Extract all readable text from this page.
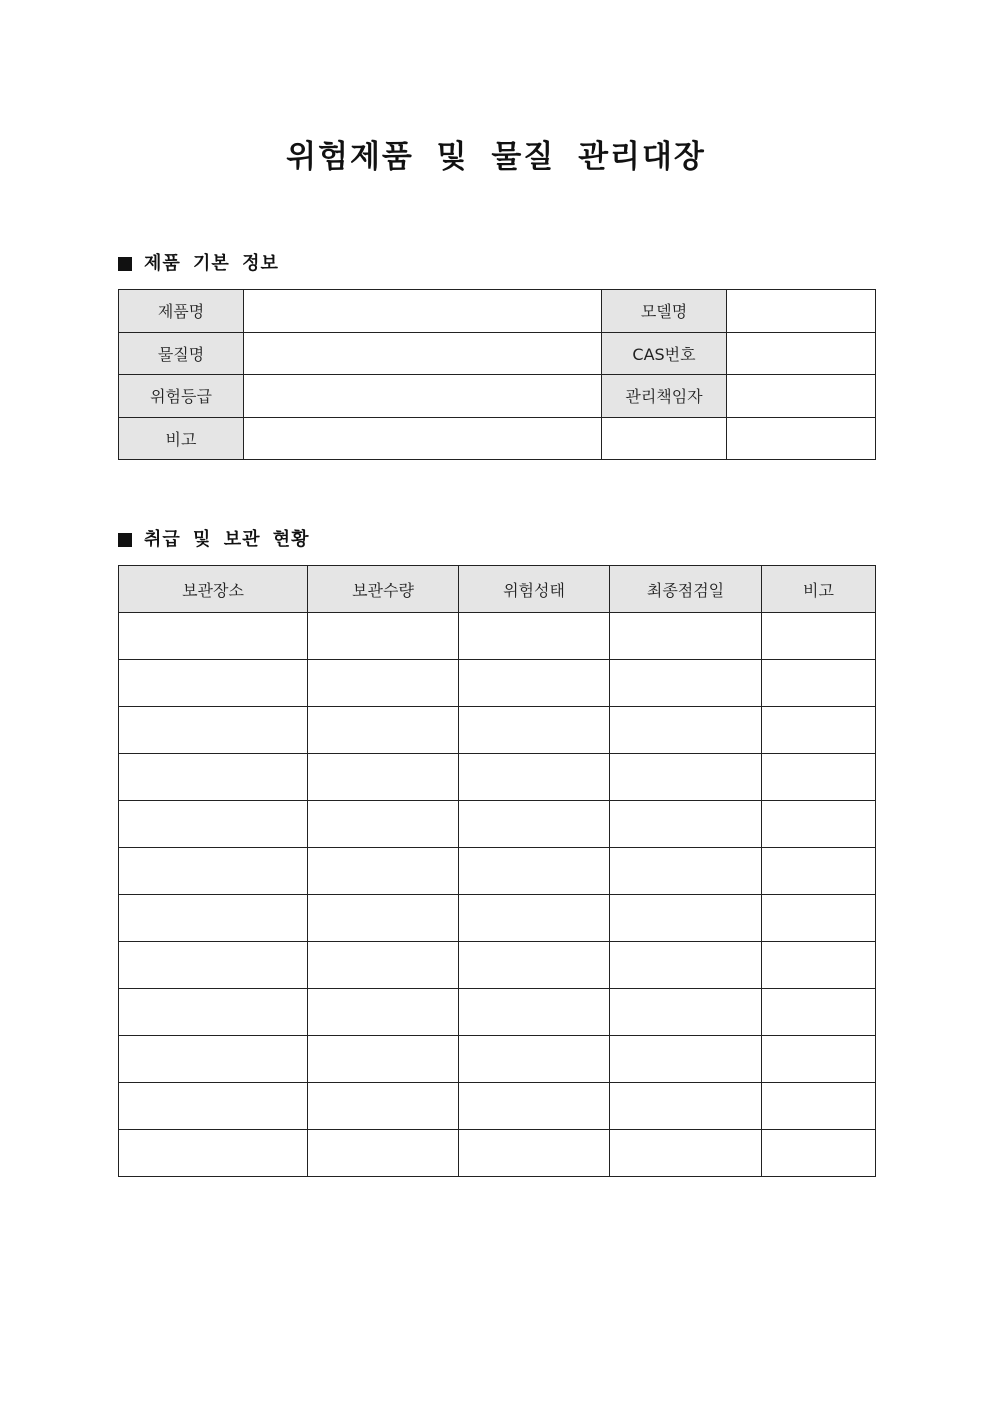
위험제품 및 물질 관리대장
제품 기본 정보
제품명		모델명	
물질명		CAS번호	
위험등급		관리책임자	
비고			
취급 및 보관 현황
보관장소	보관수량	위험성태	최종점검일	비고
